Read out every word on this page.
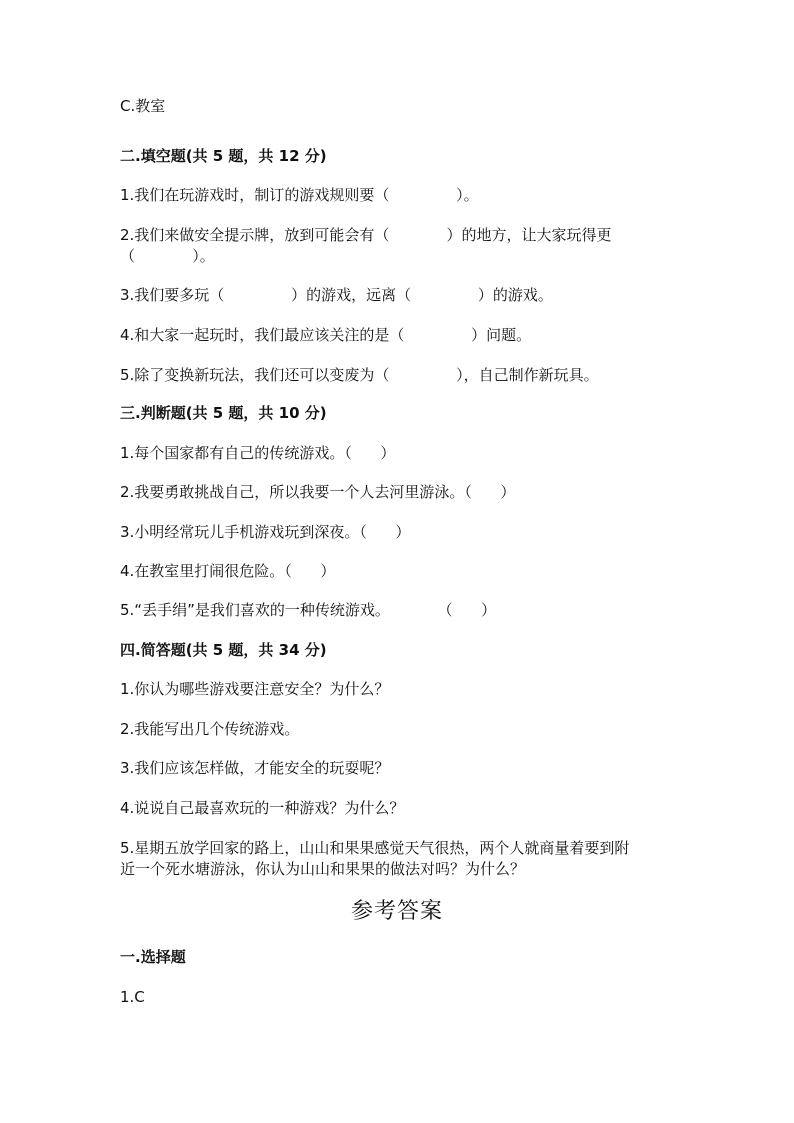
C.教室

二.填空题(共 5 题，共 12 分)

1.我们在玩游戏时，制订的游戏规则要（              ）。

2.我们来做安全提示牌，放到可能会有（            ）的地方，让大家玩得更

（            ）。

3.我们要多玩（              ）的游戏，远离（              ）的游戏。

4.和大家一起玩时，我们最应该关注的是（              ）问题。

5.除了变换新玩法，我们还可以变废为（              ），自己制作新玩具。

三.判断题(共 5 题，共 10 分)

1.每个国家都有自己的传统游戏。（      ）

2.我要勇敢挑战自己，所以我要一个人去河里游泳。（      ）

3.小明经常玩儿手机游戏玩到深夜。（      ）

4.在教室里打闹很危险。（      ）

5.“丢手绢”是我们喜欢的一种传统游戏。          （      ）

四.简答题(共 5 题，共 34 分)

1.你认为哪些游戏要注意安全？为什么？

2.我能写出几个传统游戏。

3.我们应该怎样做，才能安全的玩耍呢？

4.说说自己最喜欢玩的一种游戏？为什么？

5.星期五放学回家的路上，山山和果果感觉天气很热，两个人就商量着要到附

近一个死水塘游泳，你认为山山和果果的做法对吗？为什么？

参考答案

一.选择题

1.C
